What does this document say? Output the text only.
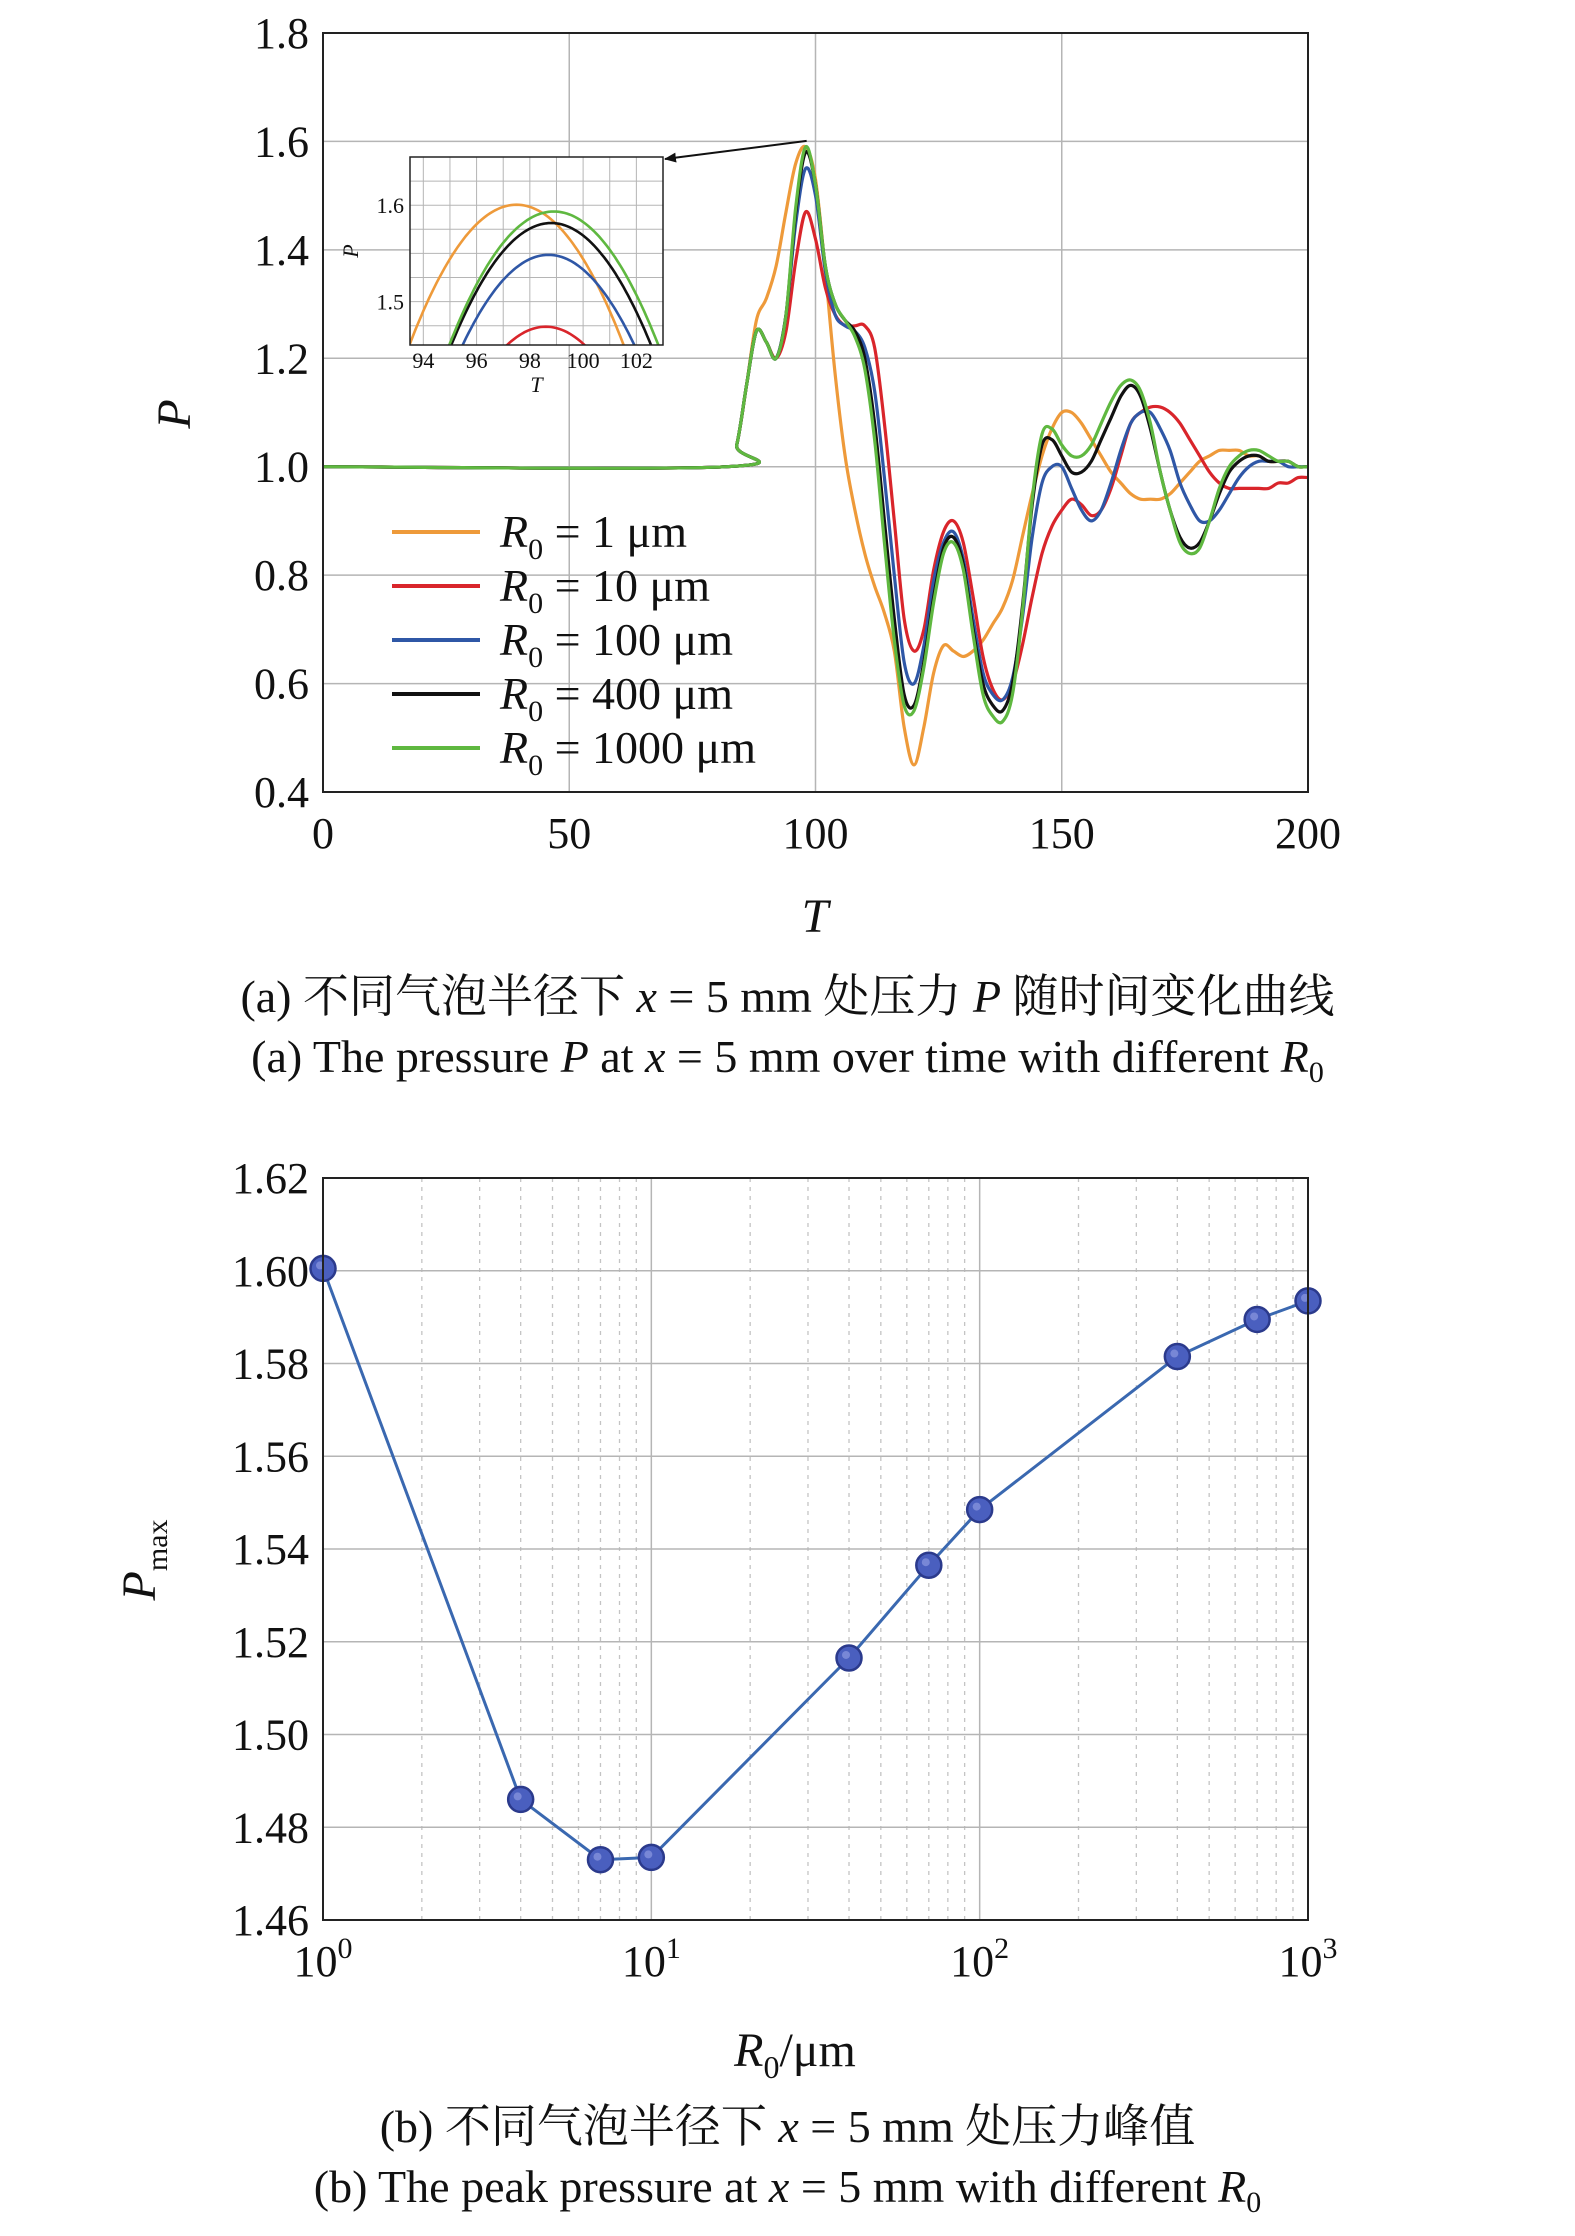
94 96 98 100 102
1.5
1.6
T
P
0	50	100	150	200
0.4
0.6
0.8
1.0
1.2
1.4
1.6
1.8
T
P
R0 = 1 μm
R0 = 10 μm
R0 = 100 μm
R0 = 400 μm
R0 = 1000 μm
100	101	102	103
1.46
1.48
1.50
1.52
1.54
1.56
1.58
1.60
1.62
R0/μm
Pmax
(a) 不同气泡半径下 x = 5 mm 处压力 P 随时间变化曲线
(a) The pressure P at x = 5 mm over time with different $R_0$
(b) 不同气泡半径下 x = 5 mm 处压力峰值
(b) The peak pressure at x = 5 mm with different $R_0$
